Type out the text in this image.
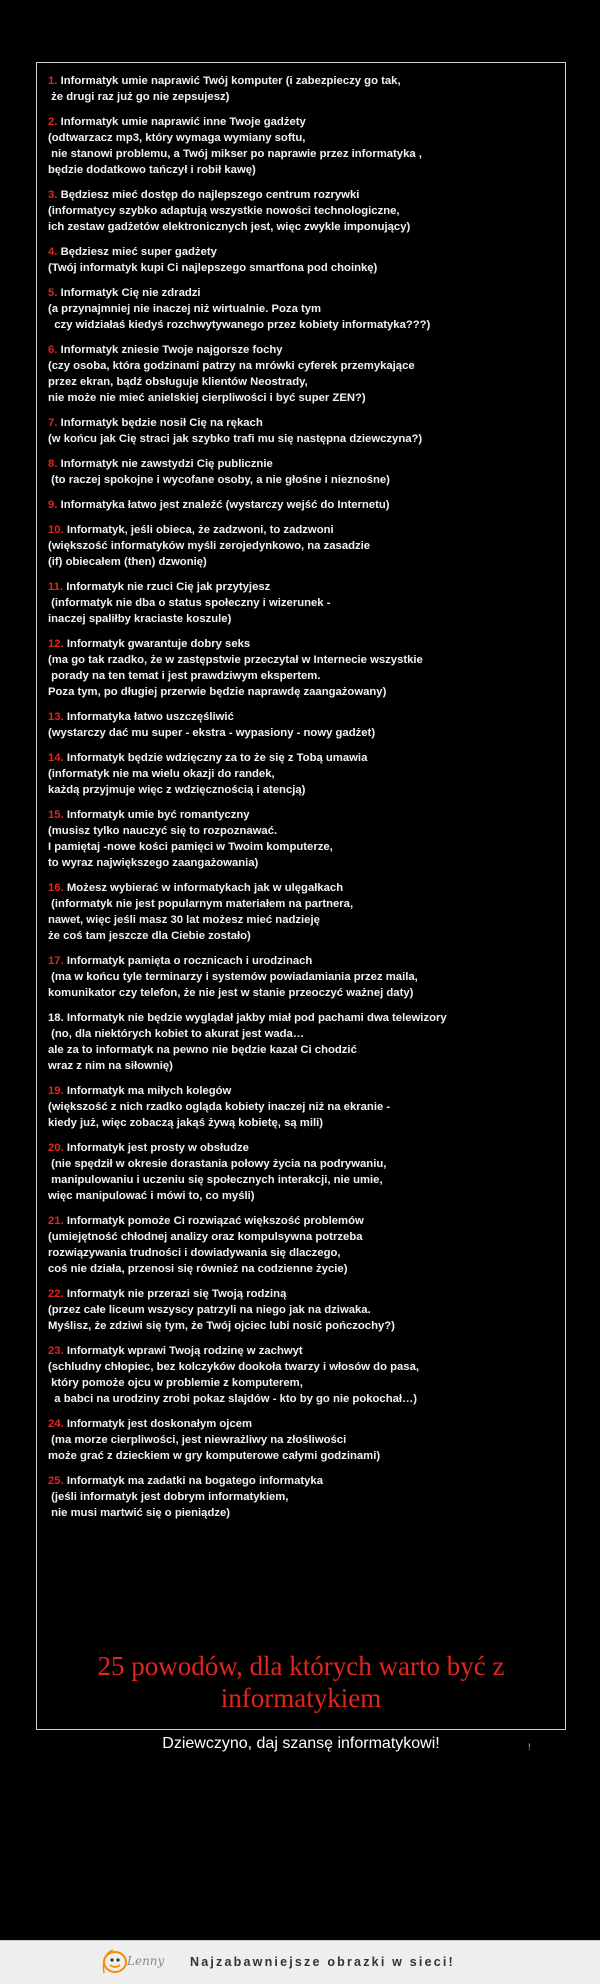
1. Informatyk umie naprawić Twój komputer (i zabezpieczy go tak,
że drugi raz już go nie zepsujesz)
2. Informatyk umie naprawić inne Twoje gadżety
(odtwarzacz mp3, który wymaga wymiany softu,
nie stanowi problemu, a Twój mikser po naprawie przez informatyka ,
będzie dodatkowo tańczył i robił kawę)
3. Będziesz mieć dostęp do najlepszego centrum rozrywki
(informatycy szybko adaptują wszystkie nowości technologiczne,
ich zestaw gadżetów elektronicznych jest, więc zwykle imponujący)
4. Będziesz mieć super gadżety
(Twój informatyk kupi Ci najlepszego smartfona pod choinkę)
5. Informatyk Cię nie zdradzi
(a przynajmniej nie inaczej niż wirtualnie. Poza tym
czy widziałaś kiedyś rozchwytywanego przez kobiety informatyka???)
6. Informatyk zniesie Twoje najgorsze fochy
(czy osoba, która godzinami patrzy na mrówki cyferek przemykające
przez ekran, bądź obsługuje klientów Neostrady,
nie może nie mieć anielskiej cierpliwości i być super ZEN?)
7. Informatyk będzie nosił Cię na rękach
(w końcu jak Cię straci jak szybko trafi mu się następna dziewczyna?)
8. Informatyk nie zawstydzi Cię publicznie
(to raczej spokojne i wycofane osoby, a nie głośne i nieznośne)
9. Informatyka łatwo jest znaleźć (wystarczy wejść do Internetu)
10. Informatyk, jeśli obieca, że zadzwoni, to zadzwoni
(większość informatyków myśli zerojedynkowo, na zasadzie
(if) obiecałem (then) dzwonię)
11. Informatyk nie rzuci Cię jak przytyjesz
(informatyk nie dba o status społeczny i wizerunek -
inaczej spaliłby kraciaste koszule)
12. Informatyk gwarantuje dobry seks
(ma go tak rzadko, że w zastępstwie przeczytał w Internecie wszystkie
porady na ten temat i jest prawdziwym ekspertem.
Poza tym, po długiej przerwie będzie naprawdę zaangażowany)
13. Informatyka łatwo uszczęśliwić
(wystarczy dać mu super - ekstra - wypasiony - nowy gadżet)
14. Informatyk będzie wdzięczny za to że się z Tobą umawia
(informatyk nie ma wielu okazji do randek,
każdą przyjmuje więc z wdzięcznością i atencją)
15. Informatyk umie być romantyczny
(musisz tylko nauczyć się to rozpoznawać.
I pamiętaj -nowe kości pamięci w Twoim komputerze,
to wyraz największego zaangażowania)
16. Możesz wybierać w informatykach jak w ulęgałkach
(informatyk nie jest popularnym materiałem na partnera,
nawet, więc jeśli masz 30 lat możesz mieć nadzieję
że coś tam jeszcze dla Ciebie zostało)
17. Informatyk pamięta o rocznicach i urodzinach
(ma w końcu tyle terminarzy i systemów powiadamiania przez maila,
komunikator czy telefon, że nie jest w stanie przeoczyć ważnej daty)
18. Informatyk nie będzie wyglądał jakby miał pod pachami dwa telewizory
(no, dla niektórych kobiet to akurat jest wada…
ale za to informatyk na pewno nie będzie kazał Ci chodzić
wraz z nim na siłownię)
19. Informatyk ma miłych kolegów
(większość z nich rzadko ogląda kobiety inaczej niż na ekranie -
kiedy już, więc zobaczą jakąś żywą kobietę, są mili)
20. Informatyk jest prosty w obsłudze
(nie spędził w okresie dorastania połowy życia na podrywaniu,
manipulowaniu i uczeniu się społecznych interakcji, nie umie,
więc manipulować i mówi to, co myśli)
21. Informatyk pomoże Ci rozwiązać większość problemów
(umiejętność chłodnej analizy oraz kompulsywna potrzeba
rozwiązywania trudności i dowiadywania się dlaczego,
coś nie działa, przenosi się również na codzienne życie)
22. Informatyk nie przerazi się Twoją rodziną
(przez całe liceum wszyscy patrzyli na niego jak na dziwaka.
Myślisz, że zdziwi się tym, że Twój ojciec lubi nosić pończochy?)
23. Informatyk wprawi Twoją rodzinę w zachwyt
(schludny chłopiec, bez kolczyków dookoła twarzy i włosów do pasa,
który pomoże ojcu w problemie z komputerem,
a babci na urodziny zrobi pokaz slajdów - kto by go nie pokochał…)
24. Informatyk jest doskonałym ojcem
(ma morze cierpliwości, jest niewrażliwy na złośliwości
może grać z dzieckiem w gry komputerowe całymi godzinami)
25. Informatyk ma zadatki na bogatego informatyka
(jeśli informatyk jest dobrym informatykiem,
nie musi martwić się o pieniądze)
25 powodów, dla których warto być z
informatykiem
Dziewczyno, daj szansę informatykowi!	!
Lenny Najzabawniejsze obrazki w sieci!
